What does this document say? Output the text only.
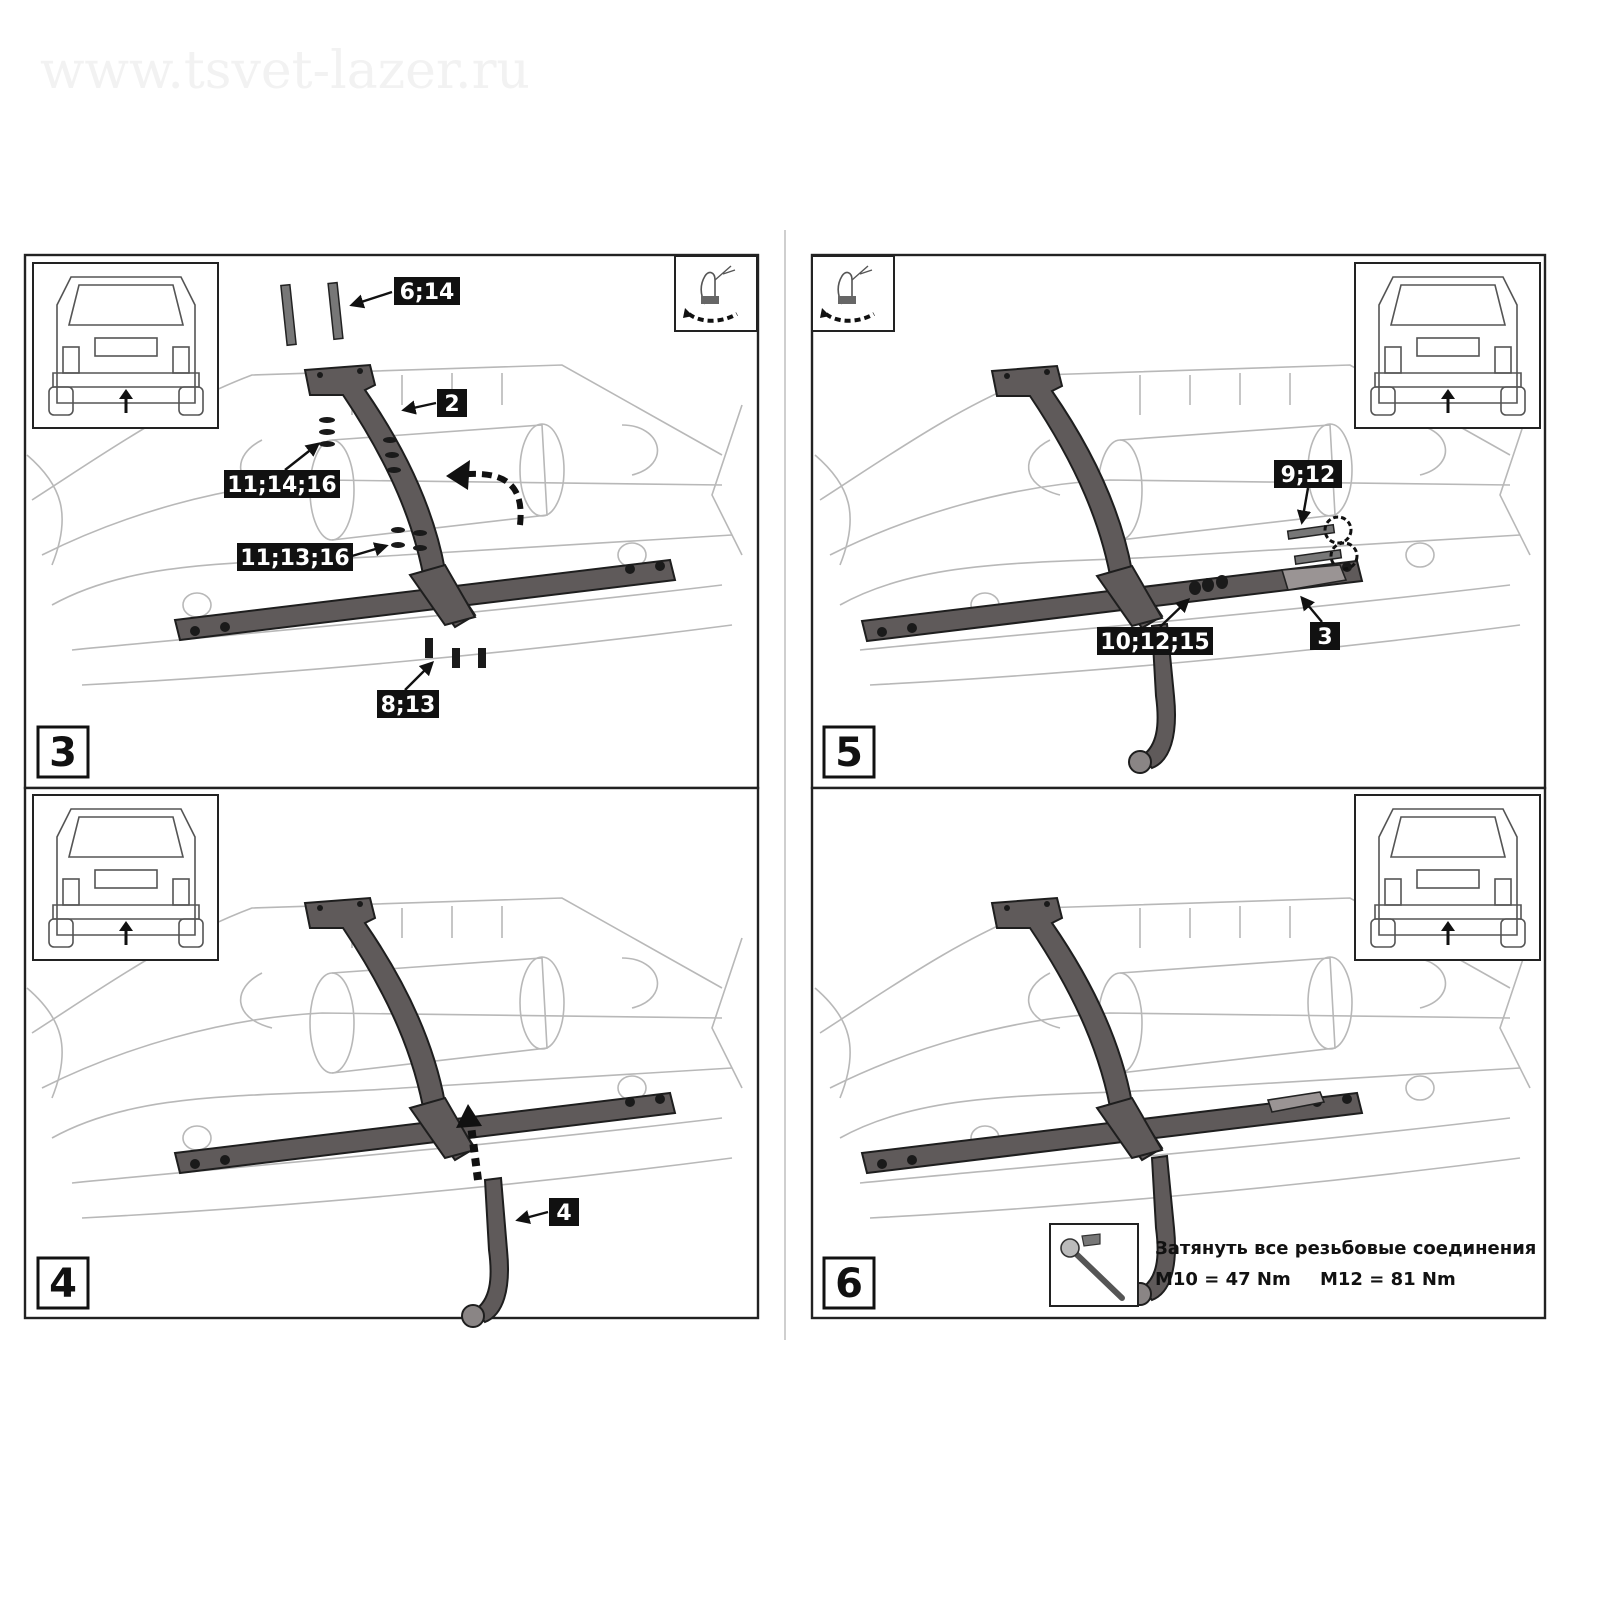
www.tsvet-lazer.ru
6;14
2
11;14;16
11;13;16
8;13
3
4
4
9;12
10;12;15	3
5
Затянуть все резьбовые соединения
M10 = 47 Nm M12 = 81 Nm
6
